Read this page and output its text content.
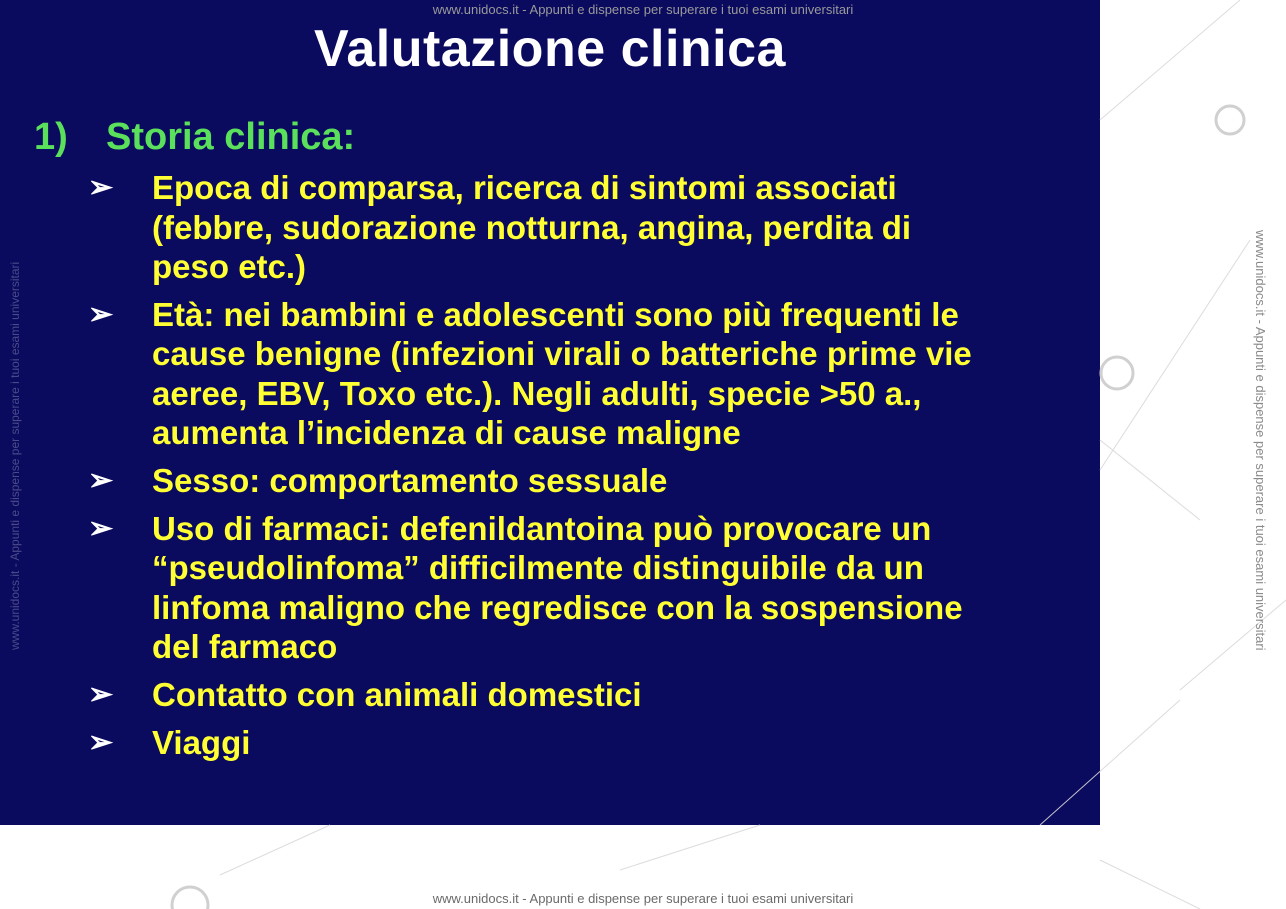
Valutazione clinica
1) Storia clinica:
➢	Epoca di comparsa, ricerca di sintomi associati
(febbre, sudorazione notturna, angina, perdita di
peso etc.)
➢	Età: nei bambini e adolescenti sono più frequenti le
cause benigne (infezioni virali o batteriche prime vie
aeree, EBV, Toxo etc.). Negli adulti, specie >50 a.,
aumenta l’incidenza di cause maligne
➢	Sesso: comportamento sessuale
➢	Uso di farmaci: defenildantoina può provocare un
“pseudolinfoma” difficilmente distinguibile da un
linfoma maligno che regredisce con la sospensione
del farmaco
➢	Contatto con animali domestici
➢	Viaggi
www.unidocs.it - Appunti e dispense per superare i tuoi esami universitari
www.unidocs.it - Appunti e dispense per superare i tuoi esami universitari
www.unidocs.it - Appunti e dispense per superare i tuoi esami universitari
www.unidocs.it - Appunti e dispense per superare i tuoi esami universitari
